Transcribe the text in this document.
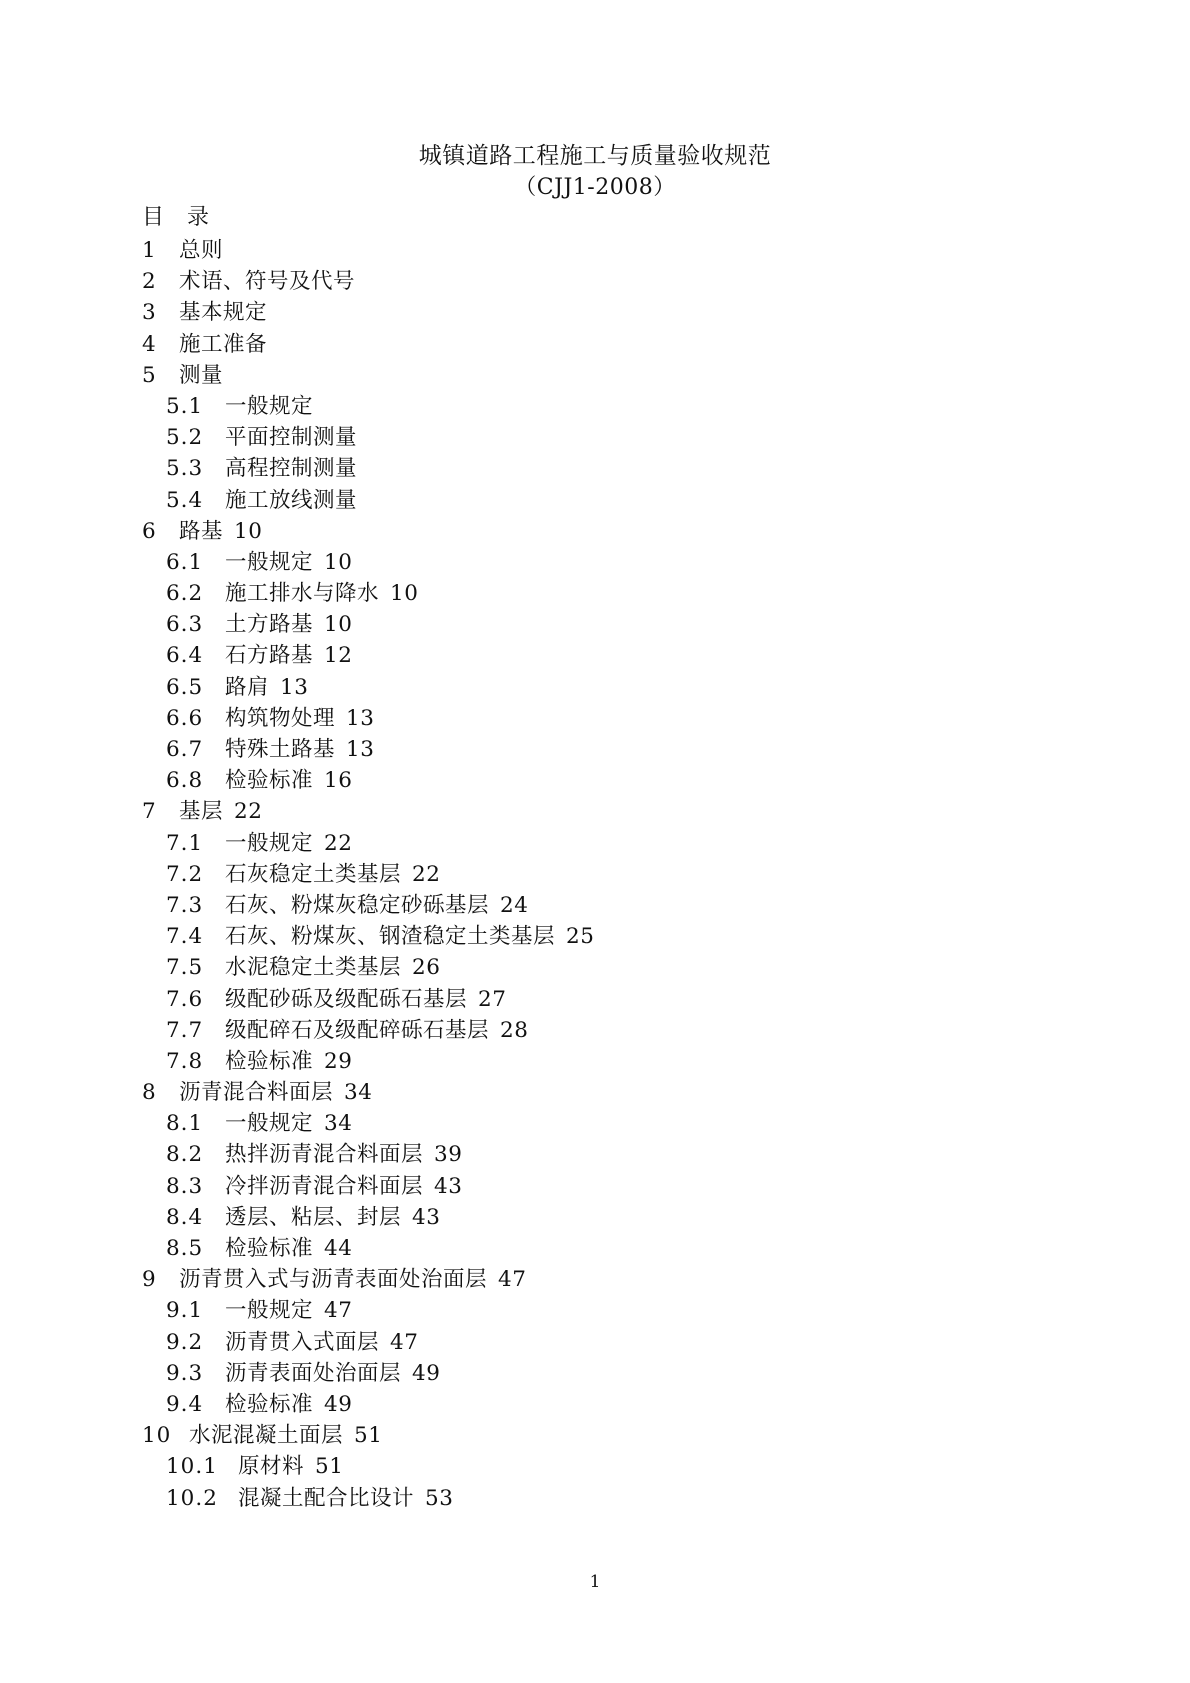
城镇道路工程施工与质量验收规范
（CJJ1-2008）
目 录
1 总则
2 术语、符号及代号
3 基本规定
4 施工准备
5 测量
5.1 一般规定
5.2 平面控制测量
5.3 高程控制测量
5.4 施工放线测量
6 路基 10
6.1 一般规定 10
6.2 施工排水与降水 10
6.3 土方路基 10
6.4 石方路基 12
6.5 路肩 13
6.6 构筑物处理 13
6.7 特殊土路基 13
6.8 检验标准 16
7 基层 22
7.1 一般规定 22
7.2 石灰稳定土类基层 22
7.3 石灰、粉煤灰稳定砂砾基层 24
7.4 石灰、粉煤灰、钢渣稳定土类基层 25
7.5 水泥稳定土类基层 26
7.6 级配砂砾及级配砾石基层 27
7.7 级配碎石及级配碎砾石基层 28
7.8 检验标准 29
8 沥青混合料面层 34
8.1 一般规定 34
8.2 热拌沥青混合料面层 39
8.3 冷拌沥青混合料面层 43
8.4 透层、粘层、封层 43
8.5 检验标准 44
9 沥青贯入式与沥青表面处治面层 47
9.1 一般规定 47
9.2 沥青贯入式面层 47
9.3 沥青表面处治面层 49
9.4 检验标准 49
10 水泥混凝土面层 51
10.1 原材料 51
10.2 混凝土配合比设计 53
1
